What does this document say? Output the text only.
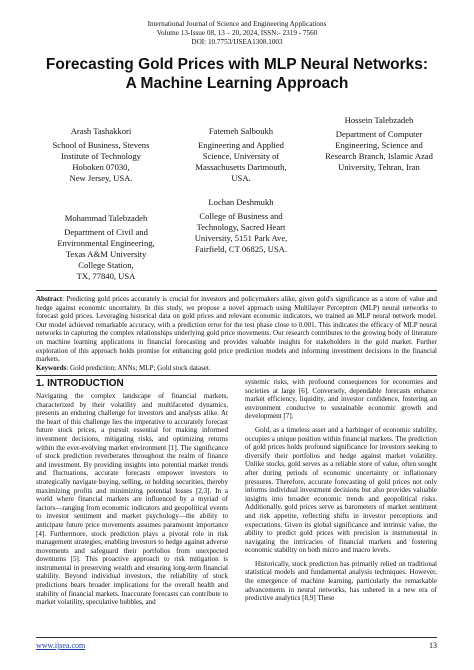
International Journal of Science and Engineering Applications
Volume 13-Issue 08, 13 – 20, 2024, ISSN:- 2319 - 7560
DOI: 10.7753/IJSEA1308.1003
Forecasting Gold Prices with MLP Neural Networks:
A Machine Learning Approach
Arash Tashakkori
School of Business, Stevens
Institute of Technology
Hoboken 07030,
New Jersey, USA.
Fatemeh Salboukh
Engineering and Applied
Science, University of
Massachusetts Dartmouth,
USA.
Hossein Talebzadeh
Department of Computer
Engineering, Science and
Research Branch, Islamic Azad
University, Tehran, Iran
Mohammad Talebzadeh
Department of Civil and
Environmental Engineering,
Texas A&M University
College Station,
TX, 77840, USA
Lochan Deshmukh
College of Business and
Technology, Sacred Heart
University, 5151 Park Ave,
Fairfield, CT 06825, USA.
Abstract: Predicting gold prices accurately is crucial for investors and policymakers alike, given gold's significance as a store of value and hedge against economic uncertainty. In this study, we propose a novel approach using Multilayer Perceptron (MLP) neural networks to forecast gold prices. Leveraging historical data on gold prices and relevant economic indicators, we trained an MLP neural network model. Our model achieved remarkable accuracy, with a prediction error for the test phase close to 0.001. This indicates the efficacy of MLP neural networks in capturing the complex relationships underlying gold price movements. Our research contributes to the growing body of literature on machine learning applications in financial forecasting and provides valuable insights for stakeholders in the gold market. Further exploration of this approach holds promise for enhancing gold price prediction models and informing investment decisions in the financial markets.
Keywords: Gold prediction; ANNs; MLP; Gold stock dataset.
1. INTRODUCTION

Navigating the complex landscape of financial markets, characterized by their volatility and multifaceted dynamics, presents an enduring challenge for investors and analysts alike. At the heart of this challenge lies the imperative to accurately forecast future stock prices, a pursuit essential for making informed investment decisions, mitigating risks, and optimizing returns within the ever-evolving market environment [1]. The significance of stock prediction reverberates throughout the realm of finance and investment. By providing insights into potential market trends and fluctuations, accurate forecasts empower investors to strategically navigate buying, selling, or holding securities, thereby maximizing profits and minimizing potential losses [2,3]. In a world where financial markets are influenced by a myriad of factors—ranging from economic indicators and geopolitical events to investor sentiment and market psychology—the ability to anticipate future price movements assumes paramount importance [4]. Furthermore, stock prediction plays a pivotal role in risk management strategies, enabling investors to hedge against adverse movements and safeguard their portfolios from unexpected downturns [5]. This proactive approach to risk mitigation is instrumental in preserving wealth and ensuring long-term financial stability. Beyond individual investors, the reliability of stock predictions bears broader implications for the overall health and stability of financial markets. Inaccurate forecasts can contribute to market volatility, speculative bubbles, and

systemic risks, with profound consequences for economies and societies at large [6]. Conversely, dependable forecasts enhance market efficiency, liquidity, and investor confidence, fostering an environment conducive to sustainable economic growth and development [7].

Gold, as a timeless asset and a harbinger of economic stability, occupies a unique position within financial markets. The prediction of gold prices holds profound significance for investors seeking to diversify their portfolios and hedge against market volatility. Unlike stocks, gold serves as a reliable store of value, often sought after during periods of economic uncertainty or inflationary pressures. Therefore, accurate forecasting of gold prices not only informs individual investment decisions but also provides valuable insights into broader economic trends and geopolitical risks. Additionally, gold prices serve as barometers of market sentiment and risk appetite, reflecting shifts in investor perceptions and expectations. Given its global significance and intrinsic value, the ability to predict gold prices with precision is instrumental in navigating the intricacies of financial markets and fostering economic stability on both micro and macro levels.

Historically, stock prediction has primarily relied on traditional statistical models and fundamental analysis techniques. However, the emergence of machine learning, particularly the remarkable advancements in neural networks, has ushered in a new era of predictive analytics [8,9] These

www.ijsea.com	13
